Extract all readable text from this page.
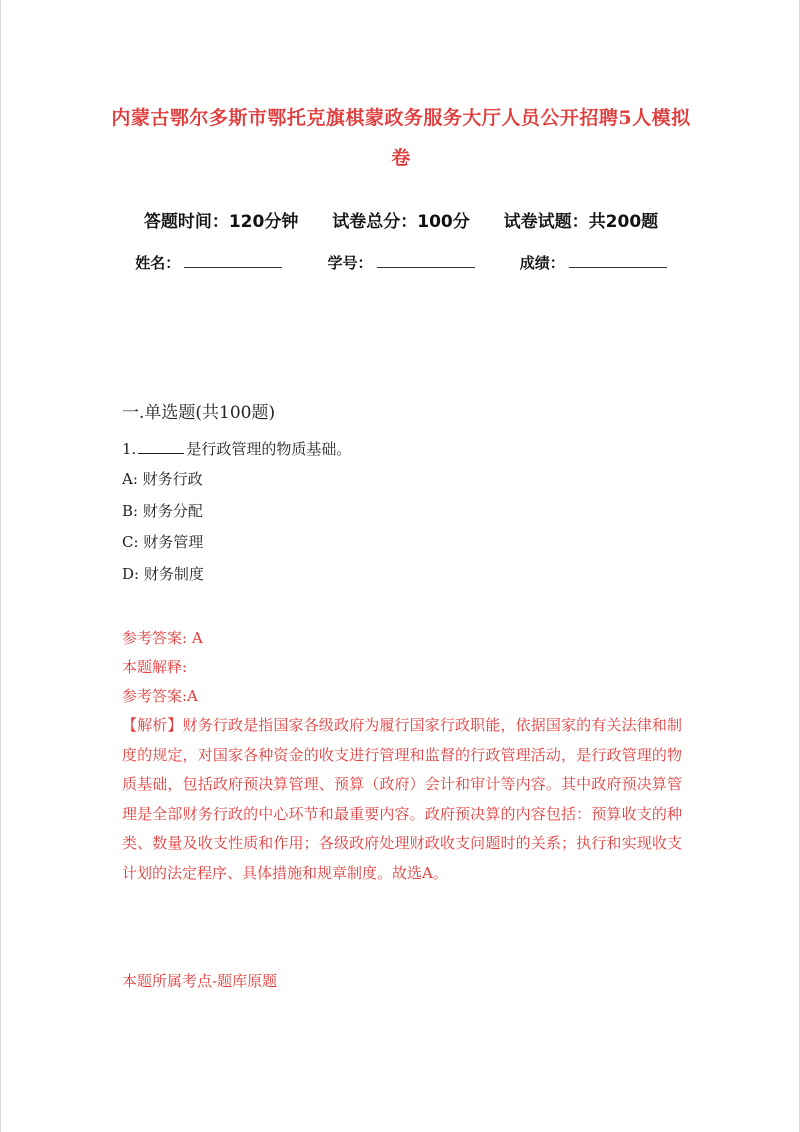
内蒙古鄂尔多斯市鄂托克旗棋蒙政务服务大厅人员公开招聘5人模拟卷
答题时间：120分钟 试卷总分：100分 试卷试题：共200题
姓名：	学号：	成绩：
一.单选题(共100题)
1.	是行政管理的物质基础。
A: 财务行政
B: 财务分配
C: 财务管理
D: 财务制度
参考答案: A
本题解释:
参考答案:A

【解析】财务行政是指国家各级政府为履行国家行政职能，依据国家的有关法律和制度的规定，对国家各种资金的收支进行管理和监督的行政管理活动，是行政管理的物质基础，包括政府预决算管理、预算（政府）会计和审计等内容。其中政府预决算管理是全部财务行政的中心环节和最重要内容。政府预决算的内容包括：预算收支的种类、数量及收支性质和作用；各级政府处理财政收支问题时的关系；执行和实现收支计划的法定程序、具体措施和规章制度。故选A。

本题所属考点-题库原题
